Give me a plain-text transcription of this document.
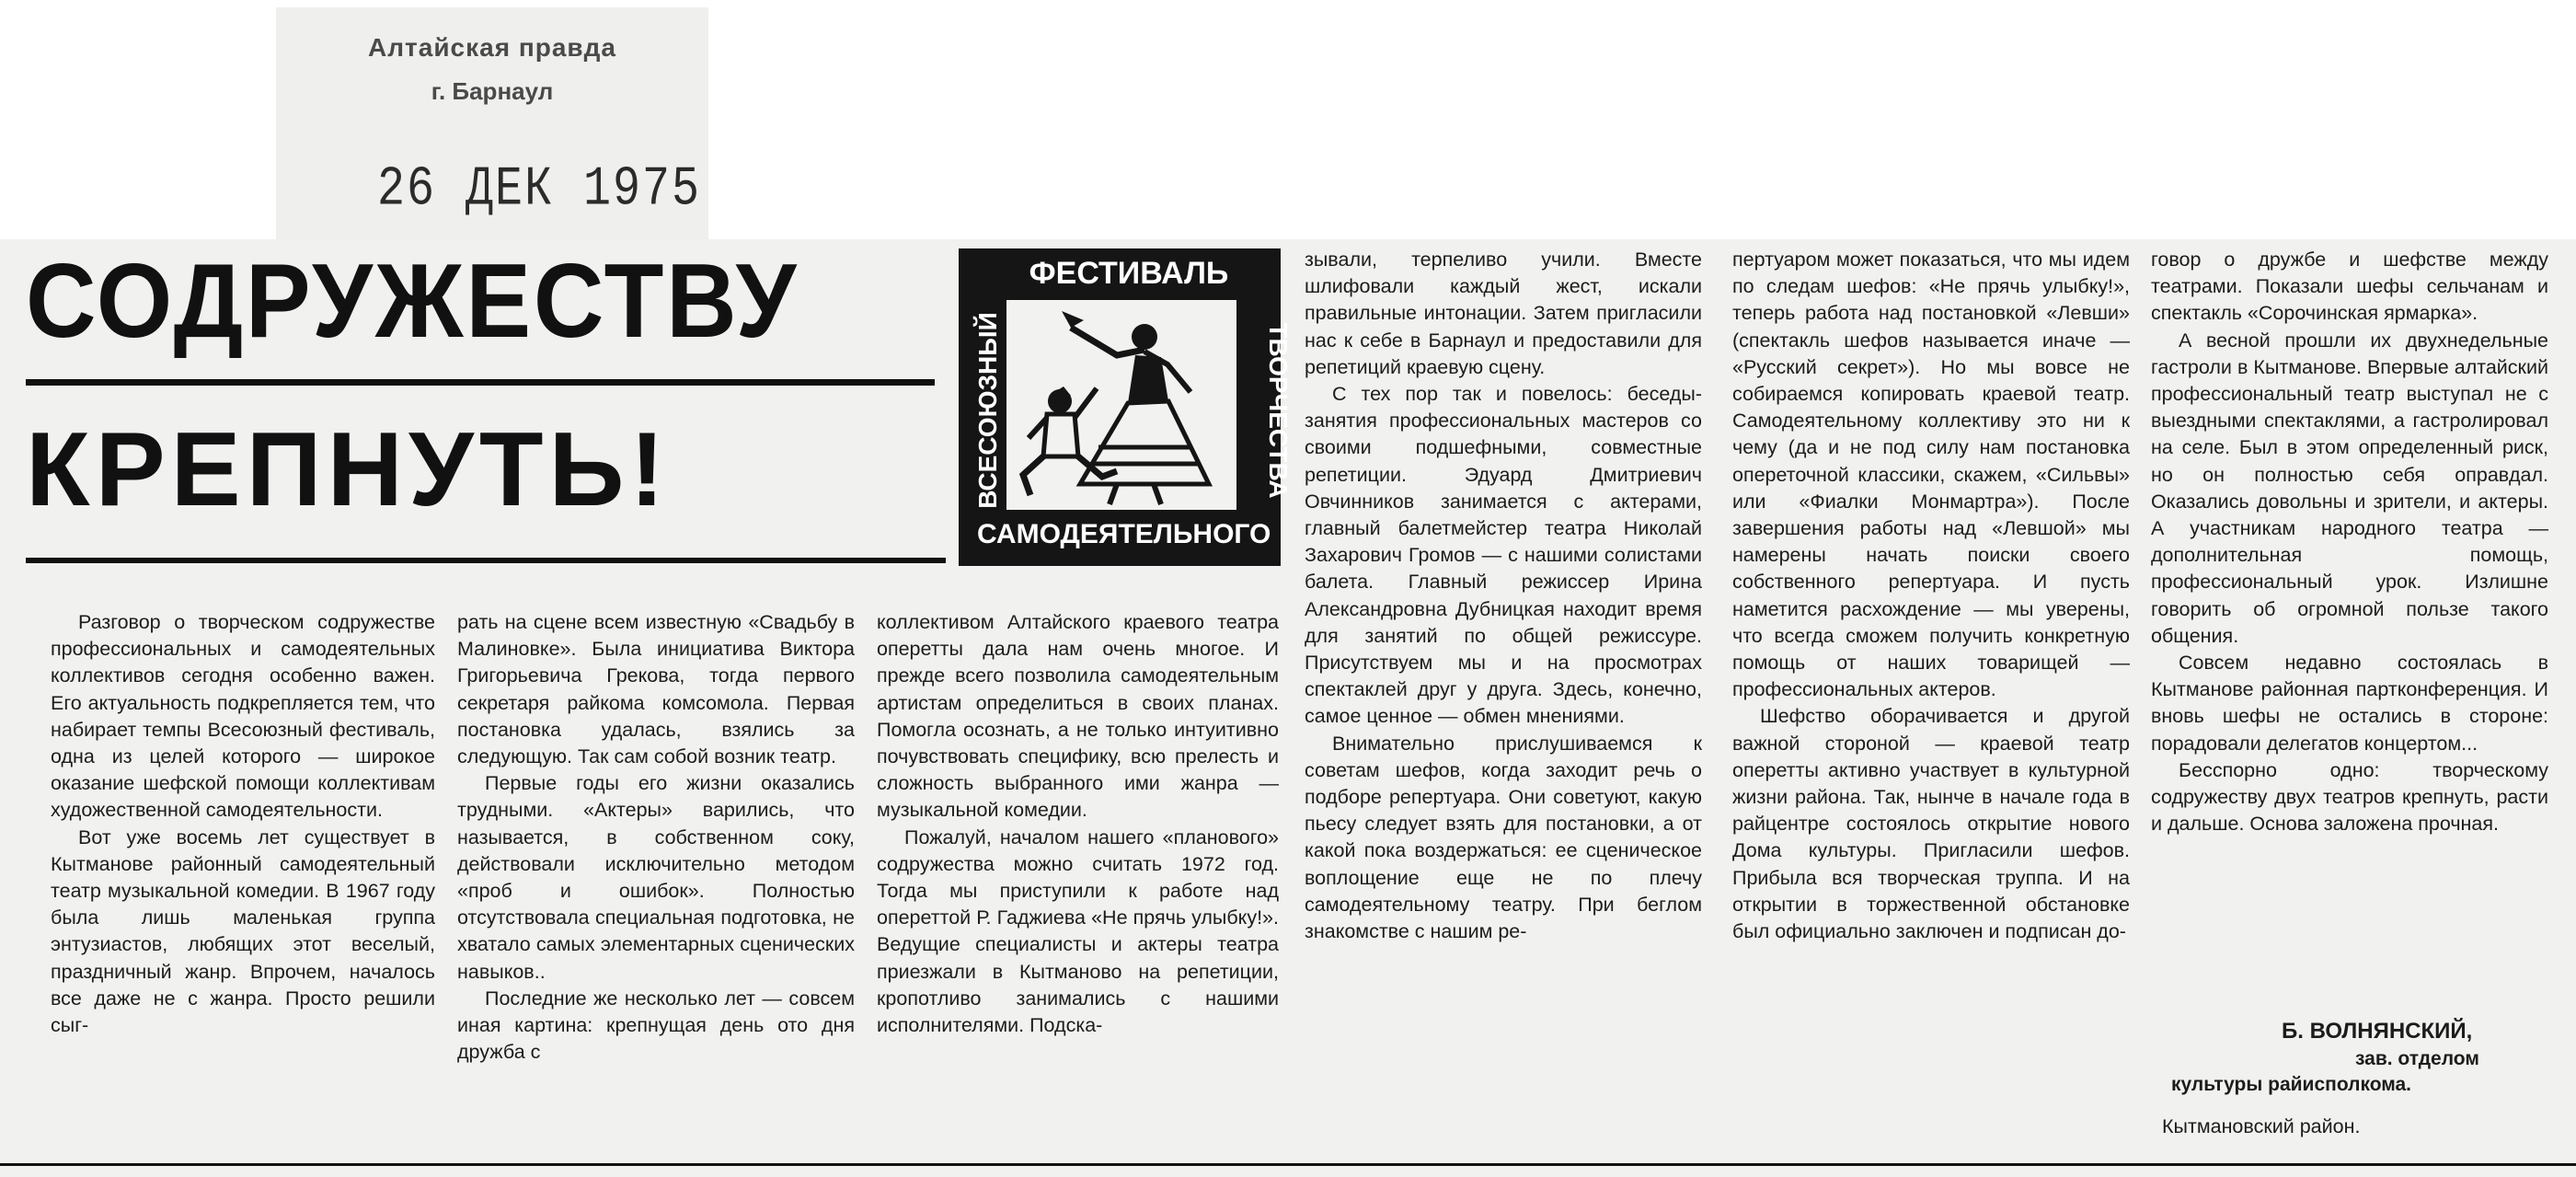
Алтайская правда
г. Барнаул
26 ДЕК 1975
СОДРУЖЕСТВУ
КРЕПНУТЬ!
ФЕСТИВАЛЬ
ВСЕСОЮЗНЫЙ	ТВОРЧЕСТВА
САМОДЕЯТЕЛЬНОГО

Разговор о творческом содружестве профессиональных и самодеятельных коллективов сегодня особенно важен. Его актуальность подкрепляется тем, что набирает темпы Всесоюзный фестиваль, одна из целей которого — широкое оказание шефской помощи коллективам художественной самодеятельности.

Вот уже восемь лет существует в Кытманове районный самодеятельный театр музыкальной комедии. В 1967 году была лишь маленькая группа энтузиастов, любящих этот веселый, праздничный жанр. Впрочем, началось все даже не с жанра. Просто решили сыг-

рать на сцене всем известную «Свадьбу в Малиновке». Была инициатива Виктора Григорьевича Грекова, тогда первого секретаря райкома комсомола. Первая постановка удалась, взялись за следующую. Так сам собой возник театр.

Первые годы его жизни оказались трудными. «Актеры» варились, что называется, в собственном соку, действовали исключительно методом «проб и ошибок». Полностью отсутствовала специальная подготовка, не хватало самых элементарных сценических навыков..

Последние же несколько лет — совсем иная картина: крепнущая день ото дня дружба с

коллективом Алтайского краевого театра оперетты дала нам очень многое. И прежде всего позволила самодеятельным артистам определиться в своих планах. Помогла осознать, а не только интуитивно почувствовать специфику, всю прелесть и сложность выбранного ими жанра —музыкальной комедии.

Пожалуй, началом нашего «планового» содружества можно считать 1972 год. Тогда мы приступили к работе над опереттой Р. Гаджиева «Не прячь улыбку!». Ведущие специалисты и актеры театра приезжали в Кытманово на репетиции, кропотливо занимались с нашими исполнителями. Подска-

зывали, терпеливо учили. Вместе шлифовали каждый жест, искали правильные интонации. Затем пригласили нас к себе в Барнаул и предоставили для репетиций краевую сцену.

С тех пор так и повелось: беседы-занятия профессиональных мастеров со своими подшефными, совместные репетиции. Эдуард Дмитриевич Овчинников занимается с актерами, главный балетмейстер театра Николай Захарович Громов — с нашими солистами балета. Главный режиссер Ирина Александровна Дубницкая находит время для занятий по общей режиссуре. Присутствуем мы и на просмотрах спектаклей друг у друга. Здесь, конечно, самое ценное — обмен мнениями.

Внимательно прислушиваемся к советам шефов, когда заходит речь о подборе репертуара. Они советуют, какую пьесу следует взять для постановки, а от какой пока воздержаться: ее сценическое воплощение еще не по плечу самодеятельному театру. При беглом знакомстве с нашим ре-

пертуаром может показаться, что мы идем по следам шефов: «Не прячь улыбку!», теперь работа над постановкой «Левши» (спектакль шефов называется иначе — «Русский секрет»). Но мы вовсе не собираемся копировать краевой театр. Самодеятельному коллективу это ни к чему (да и не под силу нам постановка опереточной классики, скажем, «Сильвы» или «Фиалки Монмартра»). После завершения работы над «Левшой» мы намерены начать поиски своего собственного репертуара. И пусть наметится расхождение — мы уверены, что всегда сможем получить конкретную помощь от наших товарищей — профессиональных актеров.

Шефство оборачивается и другой важной стороной — краевой театр оперетты активно участвует в культурной жизни района. Так, нынче в начале года в райцентре состоялось открытие нового Дома культуры. Пригласили шефов. Прибыла вся творческая труппа. И на открытии в торжественной обстановке был официально заключен и подписан до-

говор о дружбе и шефстве между театрами. Показали шефы сельчанам и спектакль «Сорочинская ярмарка».

А весной прошли их двухнедельные гастроли в Кытманове. Впервые алтайский профессиональный театр выступал не с выездными спектаклями, а гастролировал на селе. Был в этом определенный риск, но он полностью себя оправдал. Оказались довольны и зрители, и актеры. А участникам народного театра — дополнительная помощь, профессиональный урок. Излишне говорить об огромной пользе такого общения.

Совсем недавно состоялась в Кытманове районная партконференция. И вновь шефы не остались в стороне: порадовали делегатов концертом...

Бесспорно одно: творческому содружеству двух театров крепнуть, расти и дальше. Основа заложена прочная.

Б. ВОЛНЯНСКИЙ,
зав. отделом
культуры райисполкома.
Кытмановский район.
